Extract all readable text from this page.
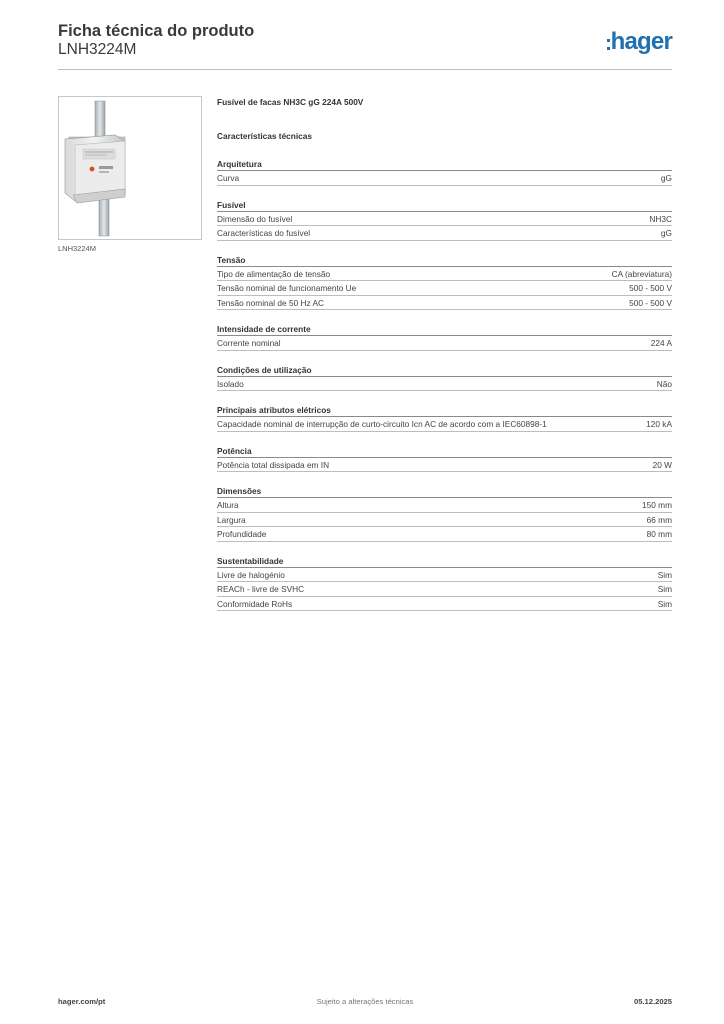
Ficha técnica do produto
LNH3224M	hager
LNH3224M
Fusível de facas NH3C gG 224A 500V
Características técnicas
Arquitetura
Curva	gG
Fusível
Dimensão do fusível	NH3C
Características do fusível	gG
Tensão
Tipo de alimentação de tensão	CA (abreviatura)
Tensão nominal de funcionamento Ue	500 - 500 V
Tensão nominal de 50 Hz AC	500 - 500 V
Intensidade de corrente
Corrente nominal	224 A
Condições de utilização
Isolado	Não
Principais atributos elétricos
Capacidade nominal de interrupção de curto-circuito Icn AC de acordo com a IEC60898-1	120 kA
Potência
Potência total dissipada em IN	20 W
Dimensões
Altura	150 mm
Largura	66 mm
Profundidade	80 mm
Sustentabilidade
Livre de halogénio	Sim
REACh - livre de SVHC	Sim
Conformidade RoHs	Sim
hager.com/pt	Sujeito a alterações técnicas	05.12.2025
